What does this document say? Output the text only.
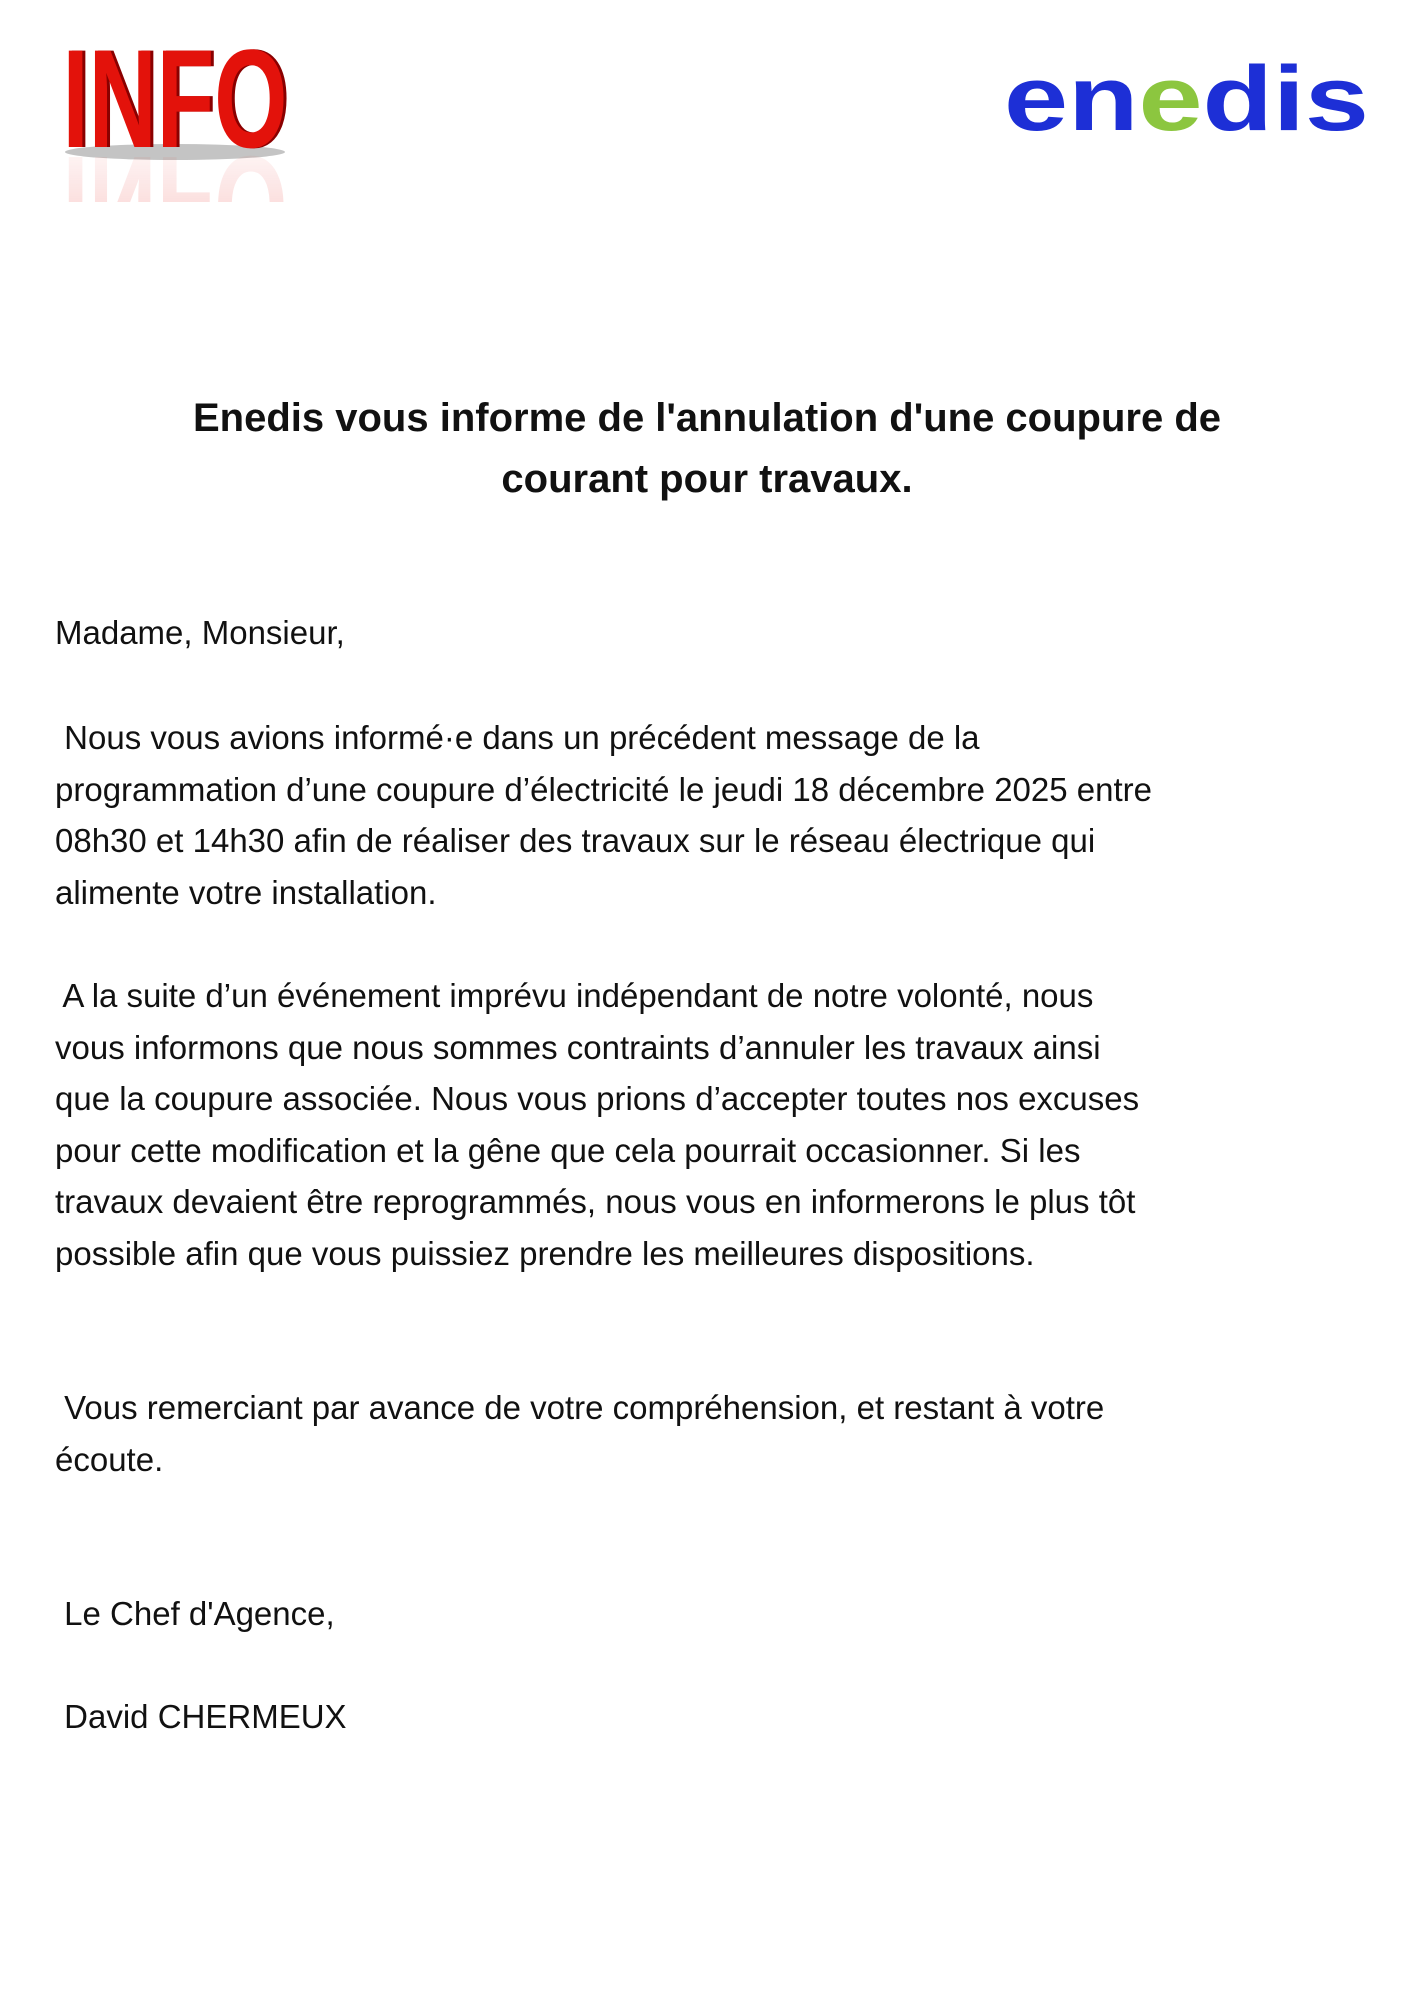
INFO
INFO	en e dis
Enedis vous informe de l'annulation d'une coupure de
courant pour travaux.
Madame, Monsieur,
Nous vous avions informé·e dans un précédent message de la
programmation d’une coupure d’électricité le jeudi 18 décembre 2025 entre
08h30 et 14h30 afin de réaliser des travaux sur le réseau électrique qui
alimente votre installation.
A la suite d’un événement imprévu indépendant de notre volonté, nous
vous informons que nous sommes contraints d’annuler les travaux ainsi
que la coupure associée. Nous vous prions d’accepter toutes nos excuses
pour cette modification et la gêne que cela pourrait occasionner. Si les
travaux devaient être reprogrammés, nous vous en informerons le plus tôt
possible afin que vous puissiez prendre les meilleures dispositions.
Vous remerciant par avance de votre compréhension, et restant à votre
écoute.
Le Chef d'Agence,
David CHERMEUX
